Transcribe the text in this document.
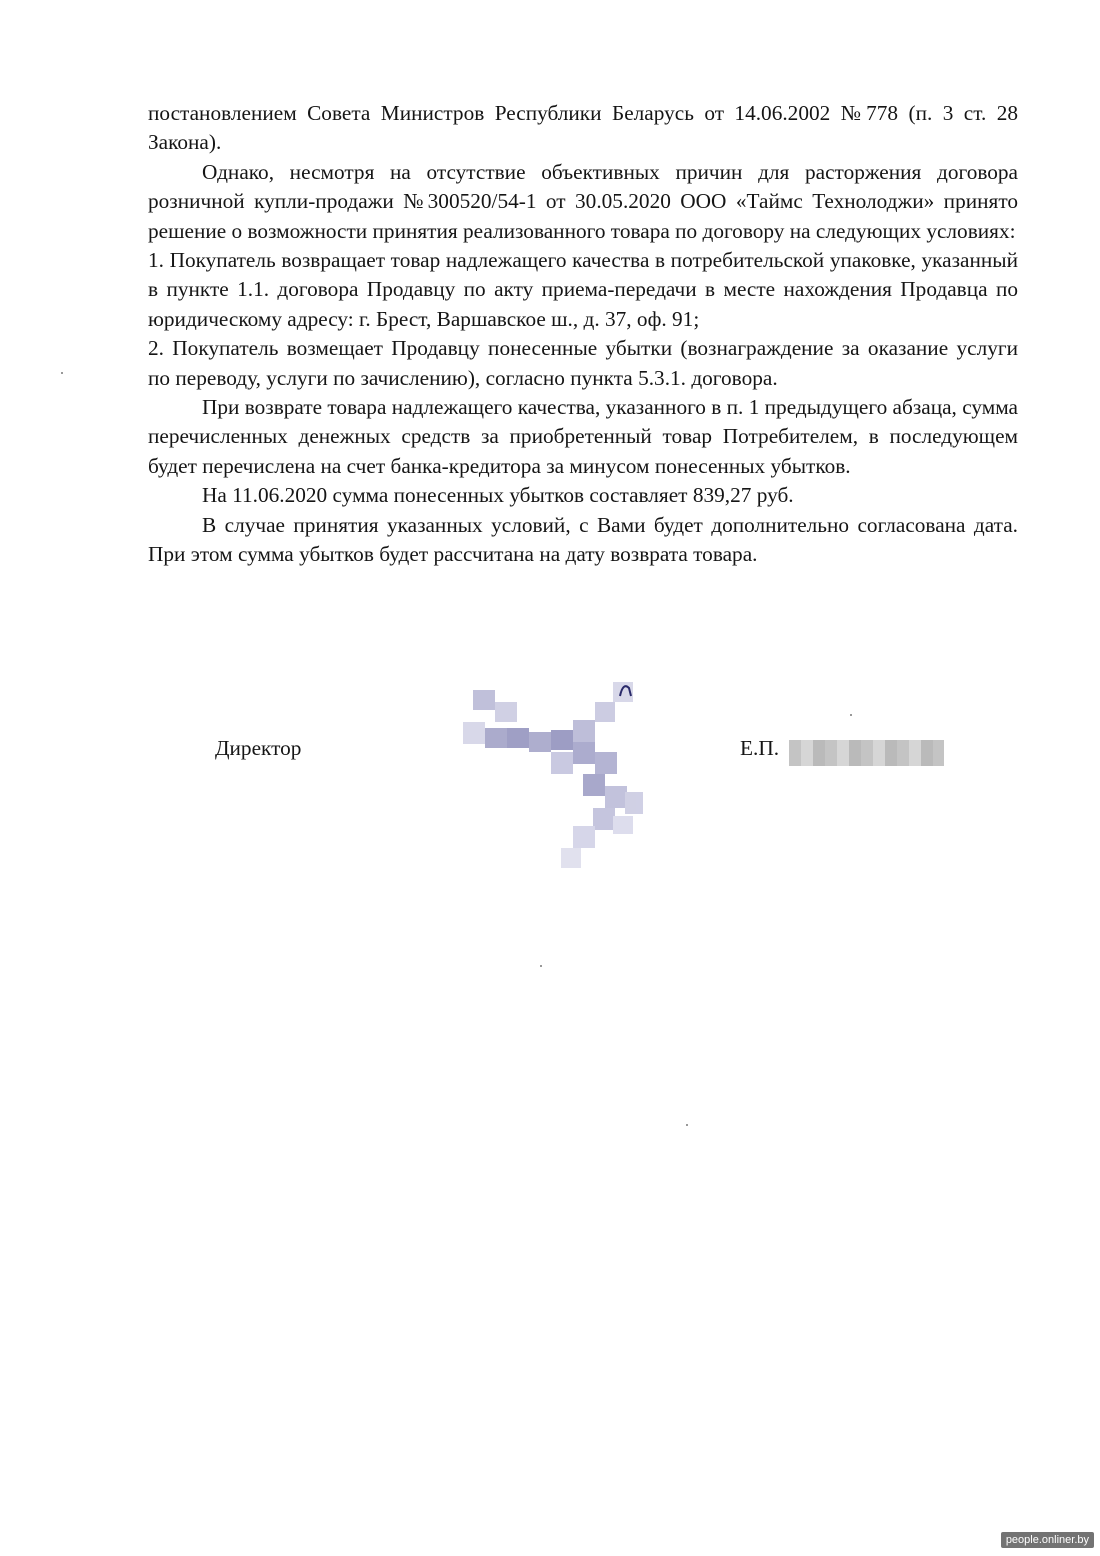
постановлением Совета Министров Республики Беларусь от 14.06.2002 №778 (п. 3 ст. 28 Закона).

Однако, несмотря на отсутствие объективных причин для расторжения договора розничной купли-продажи №300520/54-1 от 30.05.2020 ООО «Таймс Технолоджи» принято решение о возможности принятия реализованного товара по договору на следующих условиях:

1. Покупатель возвращает товар надлежащего качества в потребительской упаковке, указанный в пункте 1.1. договора Продавцу по акту приема-передачи в месте нахождения Продавца по юридическому адресу: г. Брест, Варшавское ш., д. 37, оф. 91;

2. Покупатель возмещает Продавцу понесенные убытки (вознаграждение за оказание услуги по переводу, услуги по зачислению), согласно пункта 5.3.1. договора.

При возврате товара надлежащего качества, указанного в п. 1 предыдущего абзаца, сумма перечисленных денежных средств за приобретенный товар Потребителем, в последующем будет перечислена на счет банка-кредитора за минусом понесенных убытков.

На 11.06.2020 сумма понесенных убытков составляет 839,27 руб.

В случае принятия указанных условий, с Вами будет дополнительно согласована дата. При этом сумма убытков будет рассчитана на дату возврата товара.

Директор	Е.П.
people.onliner.by
